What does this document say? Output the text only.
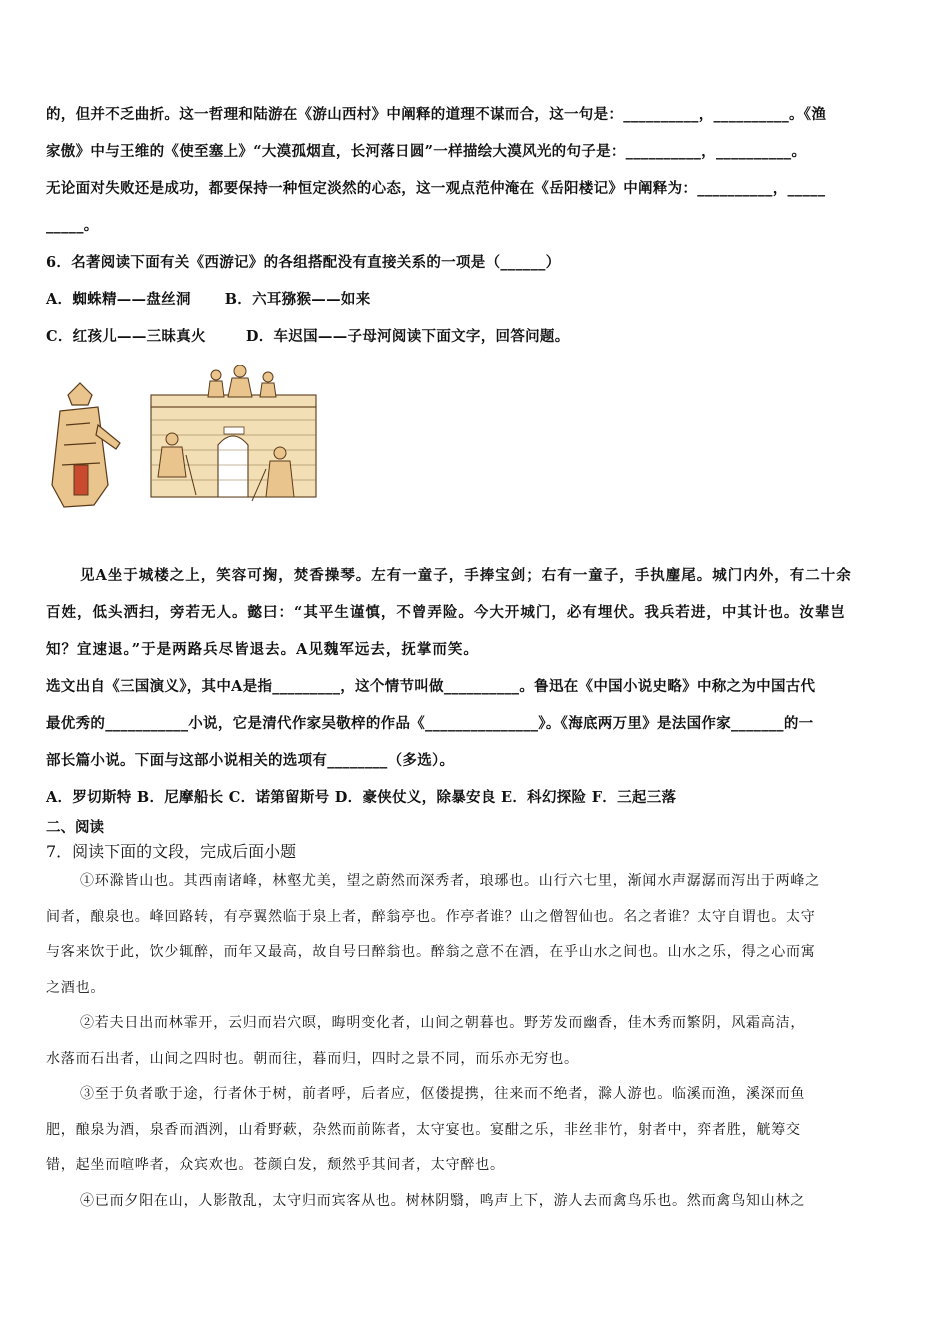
的，但并不乏曲折。这一哲理和陆游在《游山西村》中阐释的道理不谋而合，这一句是：__________，__________。《渔

家傲》中与王维的《使至塞上》“大漠孤烟直，长河落日圆”一样描绘大漠风光的句子是：__________，__________。

无论面对失败还是成功，都要保持一种恒定淡然的心态，这一观点范仲淹在《岳阳楼记》中阐释为：__________，_____

_____。

6．名著阅读下面有关《西游记》的各组搭配没有直接关系的一项是（______）

A．蜘蛛精——盘丝洞 B．六耳猕猴——如来

C．红孩儿——三昧真火	D．车迟国——子母河阅读下面文字，回答问题。

见A坐于城楼之上，笑容可掬，焚香操琴。左有一童子，手捧宝剑；右有一童子，手执麈尾。城门内外，有二十余

百姓，低头洒扫，旁若无人。懿曰：“其平生谨慎，不曾弄险。今大开城门，必有埋伏。我兵若进，中其计也。汝辈岂

知？宜速退。”于是两路兵尽皆退去。A见魏军远去，抚掌而笑。

选文出自《三国演义》，其中A是指_________，这个情节叫做__________。鲁迅在《中国小说史略》中称之为中国古代

最优秀的___________小说，它是清代作家吴敬梓的作品《_______________》。《海底两万里》是法国作家_______的一

部长篇小说。下面与这部小说相关的选项有________（多选）。

A．罗切斯特 B．尼摩船长 C．诺第留斯号 D．豪侠仗义，除暴安良 E．科幻探险 F．三起三落

二、阅读

7．阅读下面的文段，完成后面小题

①环滁皆山也。其西南诸峰，林壑尤美，望之蔚然而深秀者，琅琊也。山行六七里，渐闻水声潺潺而泻出于两峰之

间者，酿泉也。峰回路转，有亭翼然临于泉上者，醉翁亭也。作亭者谁？山之僧智仙也。名之者谁？太守自谓也。太守

与客来饮于此，饮少辄醉，而年又最高，故自号曰醉翁也。醉翁之意不在酒，在乎山水之间也。山水之乐，得之心而寓

之酒也。

②若夫日出而林霏开，云归而岩穴暝，晦明变化者，山间之朝暮也。野芳发而幽香，佳木秀而繁阴，风霜高洁，

水落而石出者，山间之四时也。朝而往，暮而归，四时之景不同，而乐亦无穷也。

③至于负者歌于途，行者休于树，前者呼，后者应，伛偻提携，往来而不绝者，滁人游也。临溪而渔，溪深而鱼

肥，酿泉为酒，泉香而酒洌，山肴野蔌，杂然而前陈者，太守宴也。宴酣之乐，非丝非竹，射者中，弈者胜，觥筹交

错，起坐而喧哗者，众宾欢也。苍颜白发，颓然乎其间者，太守醉也。

④已而夕阳在山，人影散乱，太守归而宾客从也。树林阴翳，鸣声上下，游人去而禽鸟乐也。然而禽鸟知山林之
